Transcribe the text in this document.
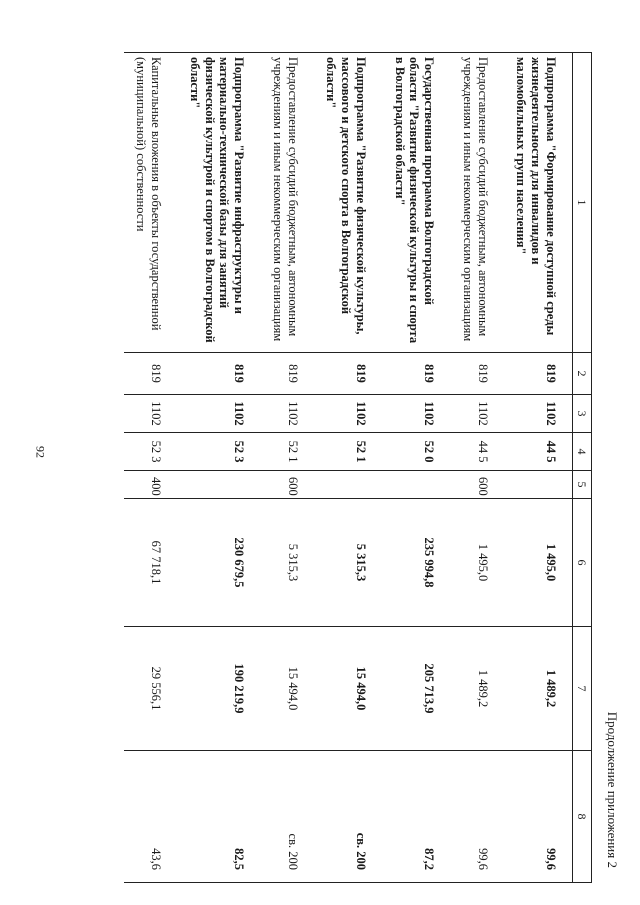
92
Продолжение приложения 2
1	2	3	4	5	6	7	8
Подпрограмма "Формирование доступной среды жизнедеятельности для инвалидов и маломобильных групп населения"	819	1102	44 5		1 495,0	1 489,2	99,6
Предоставление субсидий бюджетным, автономным учреждениям и иным некоммерческим организациям	819	1102	44 5	600	1 495,0	1 489,2	99,6
Государственная программа Волгоградской области "Развитие физической культуры и спорта в Волгоградской области"	819	1102	52 0		235 994,8	205 713,9	87,2
Подпрограмма "Развитие физической культуры, массового и детского спорта в Волгоградской области"	819	1102	52 1		5 315,3	15 494,0	св. 200
Предоставление субсидий бюджетным, автономным учреждениям и иным некоммерческим организациям	819	1102	52 1	600	5 315,3	15 494,0	св. 200
Подпрограмма "Развитие инфраструктуры и материально-технической базы для занятий физической культурой и спортом в Волгоградской области"	819	1102	52 3		230 679,5	190 219,9	82,5
Капитальные вложения в объекты государственной (муниципальной) собственности	819	1102	52 3	400	67 718,1	29 556,1	43,6
